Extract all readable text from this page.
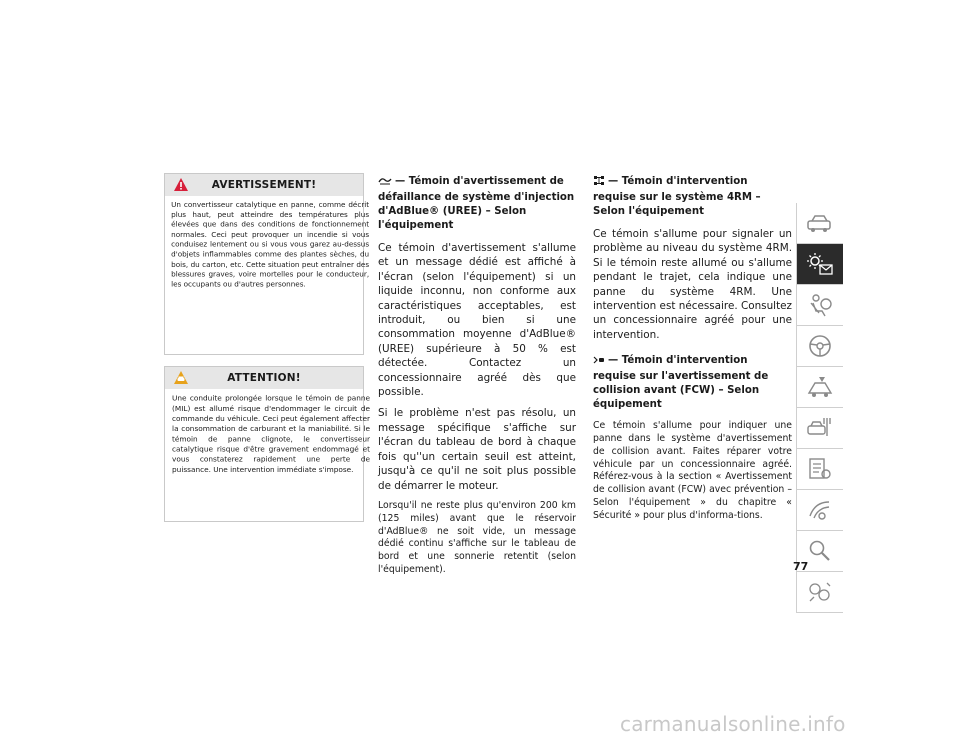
AVERTISSEMENT!
Un convertisseur catalytique en panne, comme décrit plus haut, peut atteindre des températures plus élevées que dans des conditions de fonctionnement normales. Ceci peut provoquer un incendie si vous conduisez lentement ou si vous vous garez au-dessus d'objets inflammables comme des plantes sèches, du bois, du carton, etc. Cette situation peut entraîner des blessures graves, voire mortelles pour le conducteur, les occupants ou d'autres personnes.
ATTENTION!
Une conduite prolongée lorsque le témoin de panne (MIL) est allumé risque d'endommager le circuit de commande du véhicule. Ceci peut également affecter la consommation de carburant et la maniabilité. Si le témoin de panne clignote, le convertisseur catalytique risque d'être gravement endommagé et vous constaterez rapidement une perte de puissance. Une intervention immédiate s'impose.
— Témoin d'avertissement de défaillance de système d'injection d'AdBlue® (UREE) – Selon l'équipement

Ce témoin d'avertissement s'allume et un message dédié est affiché à l'écran (selon l'équipement) si un liquide inconnu, non conforme aux caractéristiques acceptables, est introduit, ou bien si une consommation moyenne d'AdBlue® (UREE) supérieure à 50 % est détectée. Contactez un concessionnaire agréé dès que possible.

Si le problème n'est pas résolu, un message spécifique s'affiche sur l'écran du tableau de bord à chaque fois qu''un certain seuil est atteint, jusqu'à ce qu'il ne soit plus possible de démarrer le moteur.

Lorsqu'il ne reste plus qu'environ 200 km (125 miles) avant que le réservoir d'AdBlue® ne soit vide, un message dédié continu s'affiche sur le tableau de bord et une sonnerie retentit (selon l'équipement).

— Témoin d'intervention requise sur le système 4RM – Selon l'équipement

Ce témoin s'allume pour signaler un problème au niveau du système 4RM. Si le témoin reste allumé ou s'allume pendant le trajet, cela indique une panne du système 4RM. Une intervention est nécessaire. Consultez un concessionnaire agréé pour une intervention.

— Témoin d'intervention requise sur l'avertissement de collision avant (FCW) – Selon équipement

Ce témoin s'allume pour indiquer une panne dans le système d'avertissement de collision avant. Faites réparer votre véhicule par un concessionnaire agréé. Référez-vous à la section « Avertissement de collision avant (FCW) avec prévention – Selon l'équipement » du chapitre « Sécurité » pour plus d'informa-tions.

77
carmanualsonline.info
